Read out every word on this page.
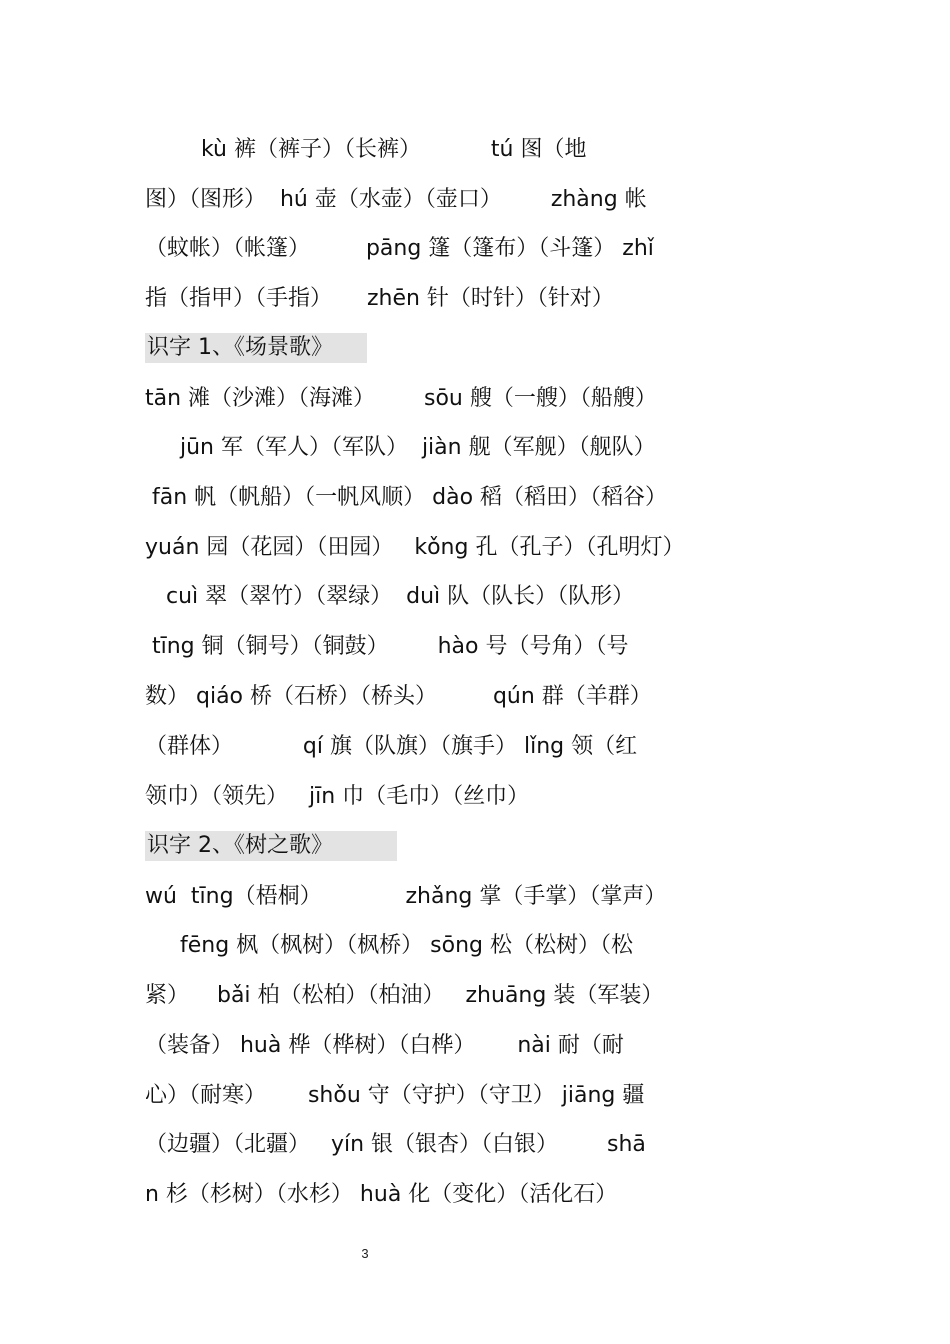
kù 裤（裤子）（长裤）          tú 图（地
图）（图形）  hú 壶（水壶）（壶口）       zhàng 帐
（蚊帐）（帐篷）        pāng 篷（篷布）（斗篷） zhǐ
指（指甲）（手指）     zhēn 针（时针）（针对）
识字 1、《场景歌》
tān 滩（沙滩）（海滩）       sōu 艘（一艘）（船艘）
jūn 军（军人）（军队）  jiàn 舰（军舰）（舰队）
fān 帆（帆船）（一帆风顺） dào 稻（稻田）（稻谷）
yuán 园（花园）（田园）   kǒng 孔（孔子）（孔明灯）
cuì 翠（翠竹）（翠绿）  duì 队（队长）（队形）
tīng 铜（铜号）（铜鼓）       hào 号（号角）（号
数） qiáo 桥（石桥）（桥头）        qún 群（羊群）
（群体）          qí 旗（队旗）（旗手） lǐng 领（红
领巾）（领先）   jīn 巾（毛巾）（丝巾）
识字 2、《树之歌》
wú  tīng（梧桐）            zhǎng 掌（手掌）（掌声）
fēng 枫（枫树）（枫桥） sōng 松（松树）（松
紧）    bǎi 柏（松柏）（柏油）   zhuāng 装（军装）
（装备） huà 桦（桦树）（白桦）      nài 耐（耐
心）（耐寒）      shǒu 守（守护）（守卫） jiāng 疆
（边疆）（北疆）   yín 银（银杏）（白银）       shā
n 杉（杉树）（水杉） huà 化（变化）（活化石）
3
